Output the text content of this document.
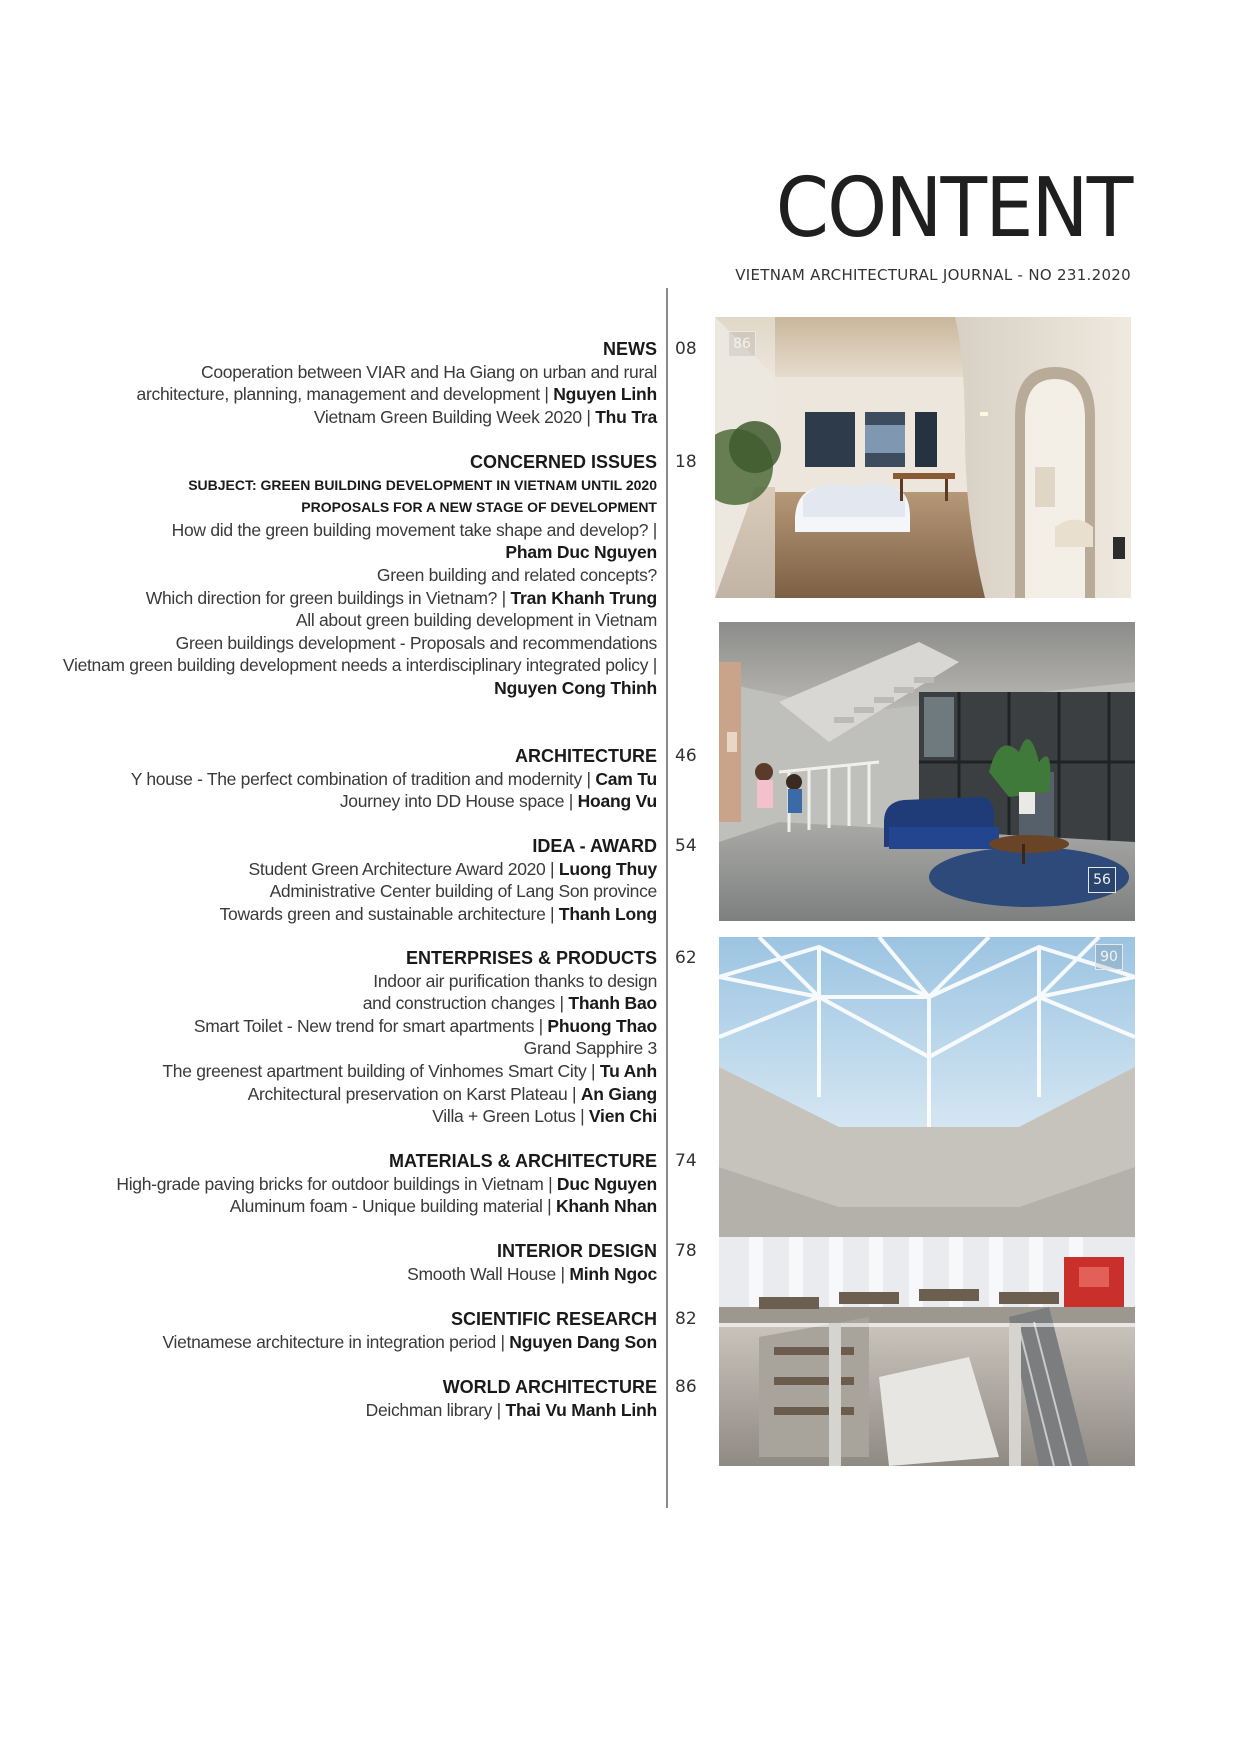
CONTENT
VIETNAM ARCHITECTURAL JOURNAL - NO 231.2020
NEWS
Cooperation between VIAR and Ha Giang on urban and rural
architecture, planning, management and development | Nguyen Linh
Vietnam Green Building Week 2020 | Thu Tra
08
CONCERNED ISSUES
SUBJECT: GREEN BUILDING DEVELOPMENT IN VIETNAM UNTIL 2020
PROPOSALS FOR A NEW STAGE OF DEVELOPMENT
How did the green building movement take shape and develop? |
Pham Duc Nguyen
Green building and related concepts?
Which direction for green buildings in Vietnam? | Tran Khanh Trung
All about green building development in Vietnam
Green buildings development - Proposals and recommendations
Vietnam green building development needs a interdisciplinary integrated policy |
Nguyen Cong Thinh
18
ARCHITECTURE
Y house - The perfect combination of tradition and modernity | Cam Tu
Journey into DD House space | Hoang Vu
46
IDEA - AWARD
Student Green Architecture Award 2020 | Luong Thuy
Administrative Center building of Lang Son province
Towards green and sustainable architecture | Thanh Long
54
ENTERPRISES & PRODUCTS
Indoor air purification thanks to design
and construction changes | Thanh Bao
Smart Toilet - New trend for smart apartments | Phuong Thao
Grand Sapphire 3
The greenest apartment building of Vinhomes Smart City | Tu Anh
Architectural preservation on Karst Plateau | An Giang
Villa + Green Lotus | Vien Chi
62
MATERIALS & ARCHITECTURE
High-grade paving bricks for outdoor buildings in Vietnam | Duc Nguyen
Aluminum foam - Unique building material | Khanh Nhan
74
INTERIOR DESIGN
Smooth Wall House | Minh Ngoc
78
SCIENTIFIC RESEARCH
Vietnamese architecture in integration period | Nguyen Dang Son
82
WORLD ARCHITECTURE
Deichman library | Thai Vu Manh Linh
86
86
56
90
